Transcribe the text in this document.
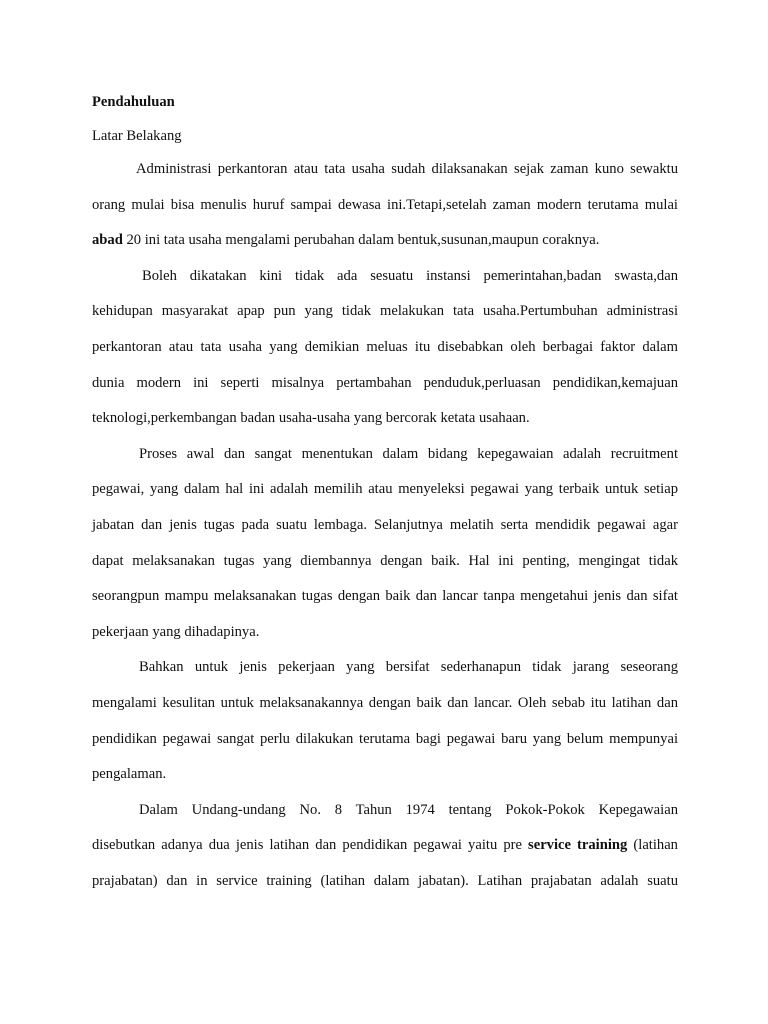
Pendahuluan
Latar Belakang
Administrasi perkantoran atau tata usaha sudah dilaksanakan sejak zaman kuno sewaktu
orang mulai bisa menulis huruf sampai dewasa ini.Tetapi,setelah zaman modern terutama mulai
abad 20 ini tata usaha mengalami perubahan dalam bentuk,susunan,maupun coraknya.
Boleh dikatakan kini tidak ada sesuatu instansi pemerintahan,badan swasta,dan
kehidupan masyarakat apap pun yang tidak melakukan tata usaha.Pertumbuhan administrasi
perkantoran atau tata usaha yang demikian meluas itu disebabkan oleh berbagai faktor dalam
dunia modern ini seperti misalnya pertambahan penduduk,perluasan pendidikan,kemajuan
teknologi,perkembangan badan usaha-usaha yang bercorak ketata usahaan.
Proses awal dan sangat menentukan dalam bidang kepegawaian adalah recruitment
pegawai, yang dalam hal ini adalah memilih atau menyeleksi pegawai yang terbaik untuk setiap
jabatan dan jenis tugas pada suatu lembaga. Selanjutnya melatih serta mendidik pegawai agar
dapat melaksanakan tugas yang diembannya dengan baik. Hal ini penting, mengingat tidak
seorangpun mampu melaksanakan tugas dengan baik dan lancar tanpa mengetahui jenis dan sifat
pekerjaan yang dihadapinya.
Bahkan untuk jenis pekerjaan yang bersifat sederhanapun tidak jarang seseorang
mengalami kesulitan untuk melaksanakannya dengan baik dan lancar. Oleh sebab itu latihan dan
pendidikan pegawai sangat perlu dilakukan terutama bagi pegawai baru yang belum mempunyai
pengalaman.
Dalam Undang-undang No. 8 Tahun 1974 tentang Pokok-Pokok Kepegawaian
disebutkan adanya dua jenis latihan dan pendidikan pegawai yaitu pre service training (latihan
prajabatan) dan in service training (latihan dalam jabatan). Latihan prajabatan adalah suatu
